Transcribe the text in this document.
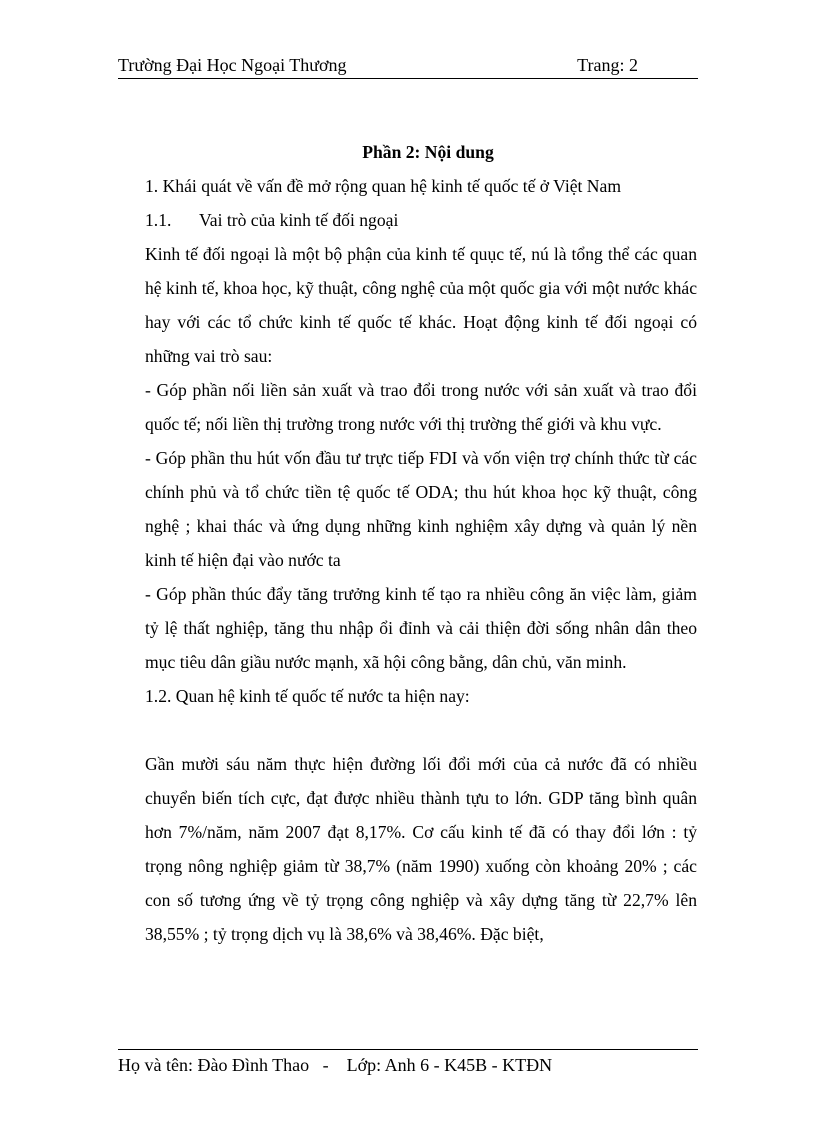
Trường Đại Học Ngoại Thương	Trang: 2

Phần 2: Nội dung

1. Khái quát về vấn đề mở rộng quan hệ kinh tế quốc tế ở Việt Nam

1.1. Vai trò của kinh tế đối ngoại

Kinh tế đối ngoại là một bộ phận của kinh tế quục tế, nú là tổng thể các quan hệ kinh tế, khoa học, kỹ thuật, công nghệ của một quốc gia với một nước khác hay với các tổ chức kinh tế quốc tế khác. Hoạt động kinh tế đối ngoại có những vai trò sau:

- Góp phần nối liền sản xuất và trao đổi trong nước với sản xuất và trao đổi quốc tế; nối liền thị trường trong nước với thị trường thế giới và khu vực.

- Góp phần thu hút vốn đầu tư trực tiếp FDI và vốn viện trợ chính thức từ các chính phủ và tổ chức tiền tệ quốc tế ODA; thu hút khoa học kỹ thuật, công nghệ ; khai thác và ứng dụng những kinh nghiệm xây dựng và quản lý nền kinh tế hiện đại vào nước ta

- Góp phần thúc đẩy tăng trưởng kinh tế tạo ra nhiều công ăn việc làm, giảm tỷ lệ thất nghiệp, tăng thu nhập ổi đỉnh và cải thiện đời sống nhân dân theo mục tiêu dân giầu nước mạnh, xã hội công bằng, dân chủ, văn minh.

1.2. Quan hệ kinh tế quốc tế nước ta hiện nay:

Gần mười sáu năm thực hiện đường lối đổi mới của cả nước đã có nhiều chuyển biến tích cực, đạt được nhiều thành tựu to lớn. GDP tăng bình quân hơn 7%/năm, năm 2007 đạt 8,17%. Cơ cấu kinh tế đã có thay đổi lớn : tỷ trọng nông nghiệp giảm từ 38,7% (năm 1990) xuống còn khoảng 20% ; các con số tương ứng về tỷ trọng công nghiệp và xây dựng tăng từ 22,7% lên 38,55% ; tỷ trọng dịch vụ là 38,6% và 38,46%. Đặc biệt,

Họ và tên: Đào Đình Thao   -    Lớp: Anh 6 - K45B - KTĐN
